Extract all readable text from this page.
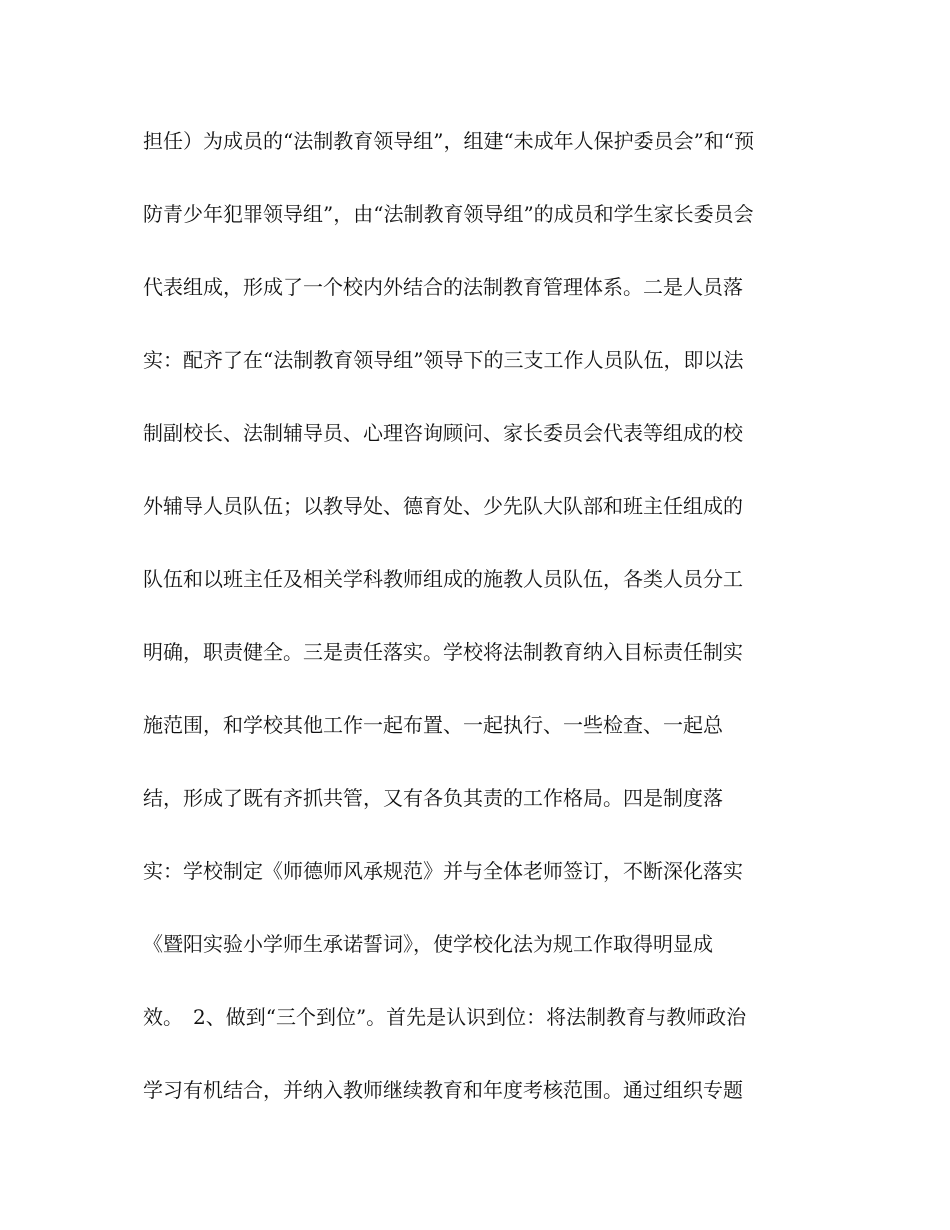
担任）为成员的“法制教育领导组”，组建“未成年人保护委员会”和“预
防青少年犯罪领导组”，由“法制教育领导组”的成员和学生家长委员会
代表组成，形成了一个校内外结合的法制教育管理体系。二是人员落
实：配齐了在“法制教育领导组”领导下的三支工作人员队伍，即以法
制副校长、法制辅导员、心理咨询顾问、家长委员会代表等组成的校
外辅导人员队伍；以教导处、德育处、少先队大队部和班主任组成的
队伍和以班主任及相关学科教师组成的施教人员队伍，各类人员分工
明确，职责健全。三是责任落实。学校将法制教育纳入目标责任制实
施范围，和学校其他工作一起布置、一起执行、一些检查、一起总
结，形成了既有齐抓共管，又有各负其责的工作格局。四是制度落
实：学校制定《师德师风承规范》并与全体老师签订，不断深化落实
《暨阳实验小学师生承诺誓词》，使学校化法为规工作取得明显成
效。　2、做到“三个到位”。首先是认识到位：将法制教育与教师政治
学习有机结合，并纳入教师继续教育和年度考核范围。通过组织专题
